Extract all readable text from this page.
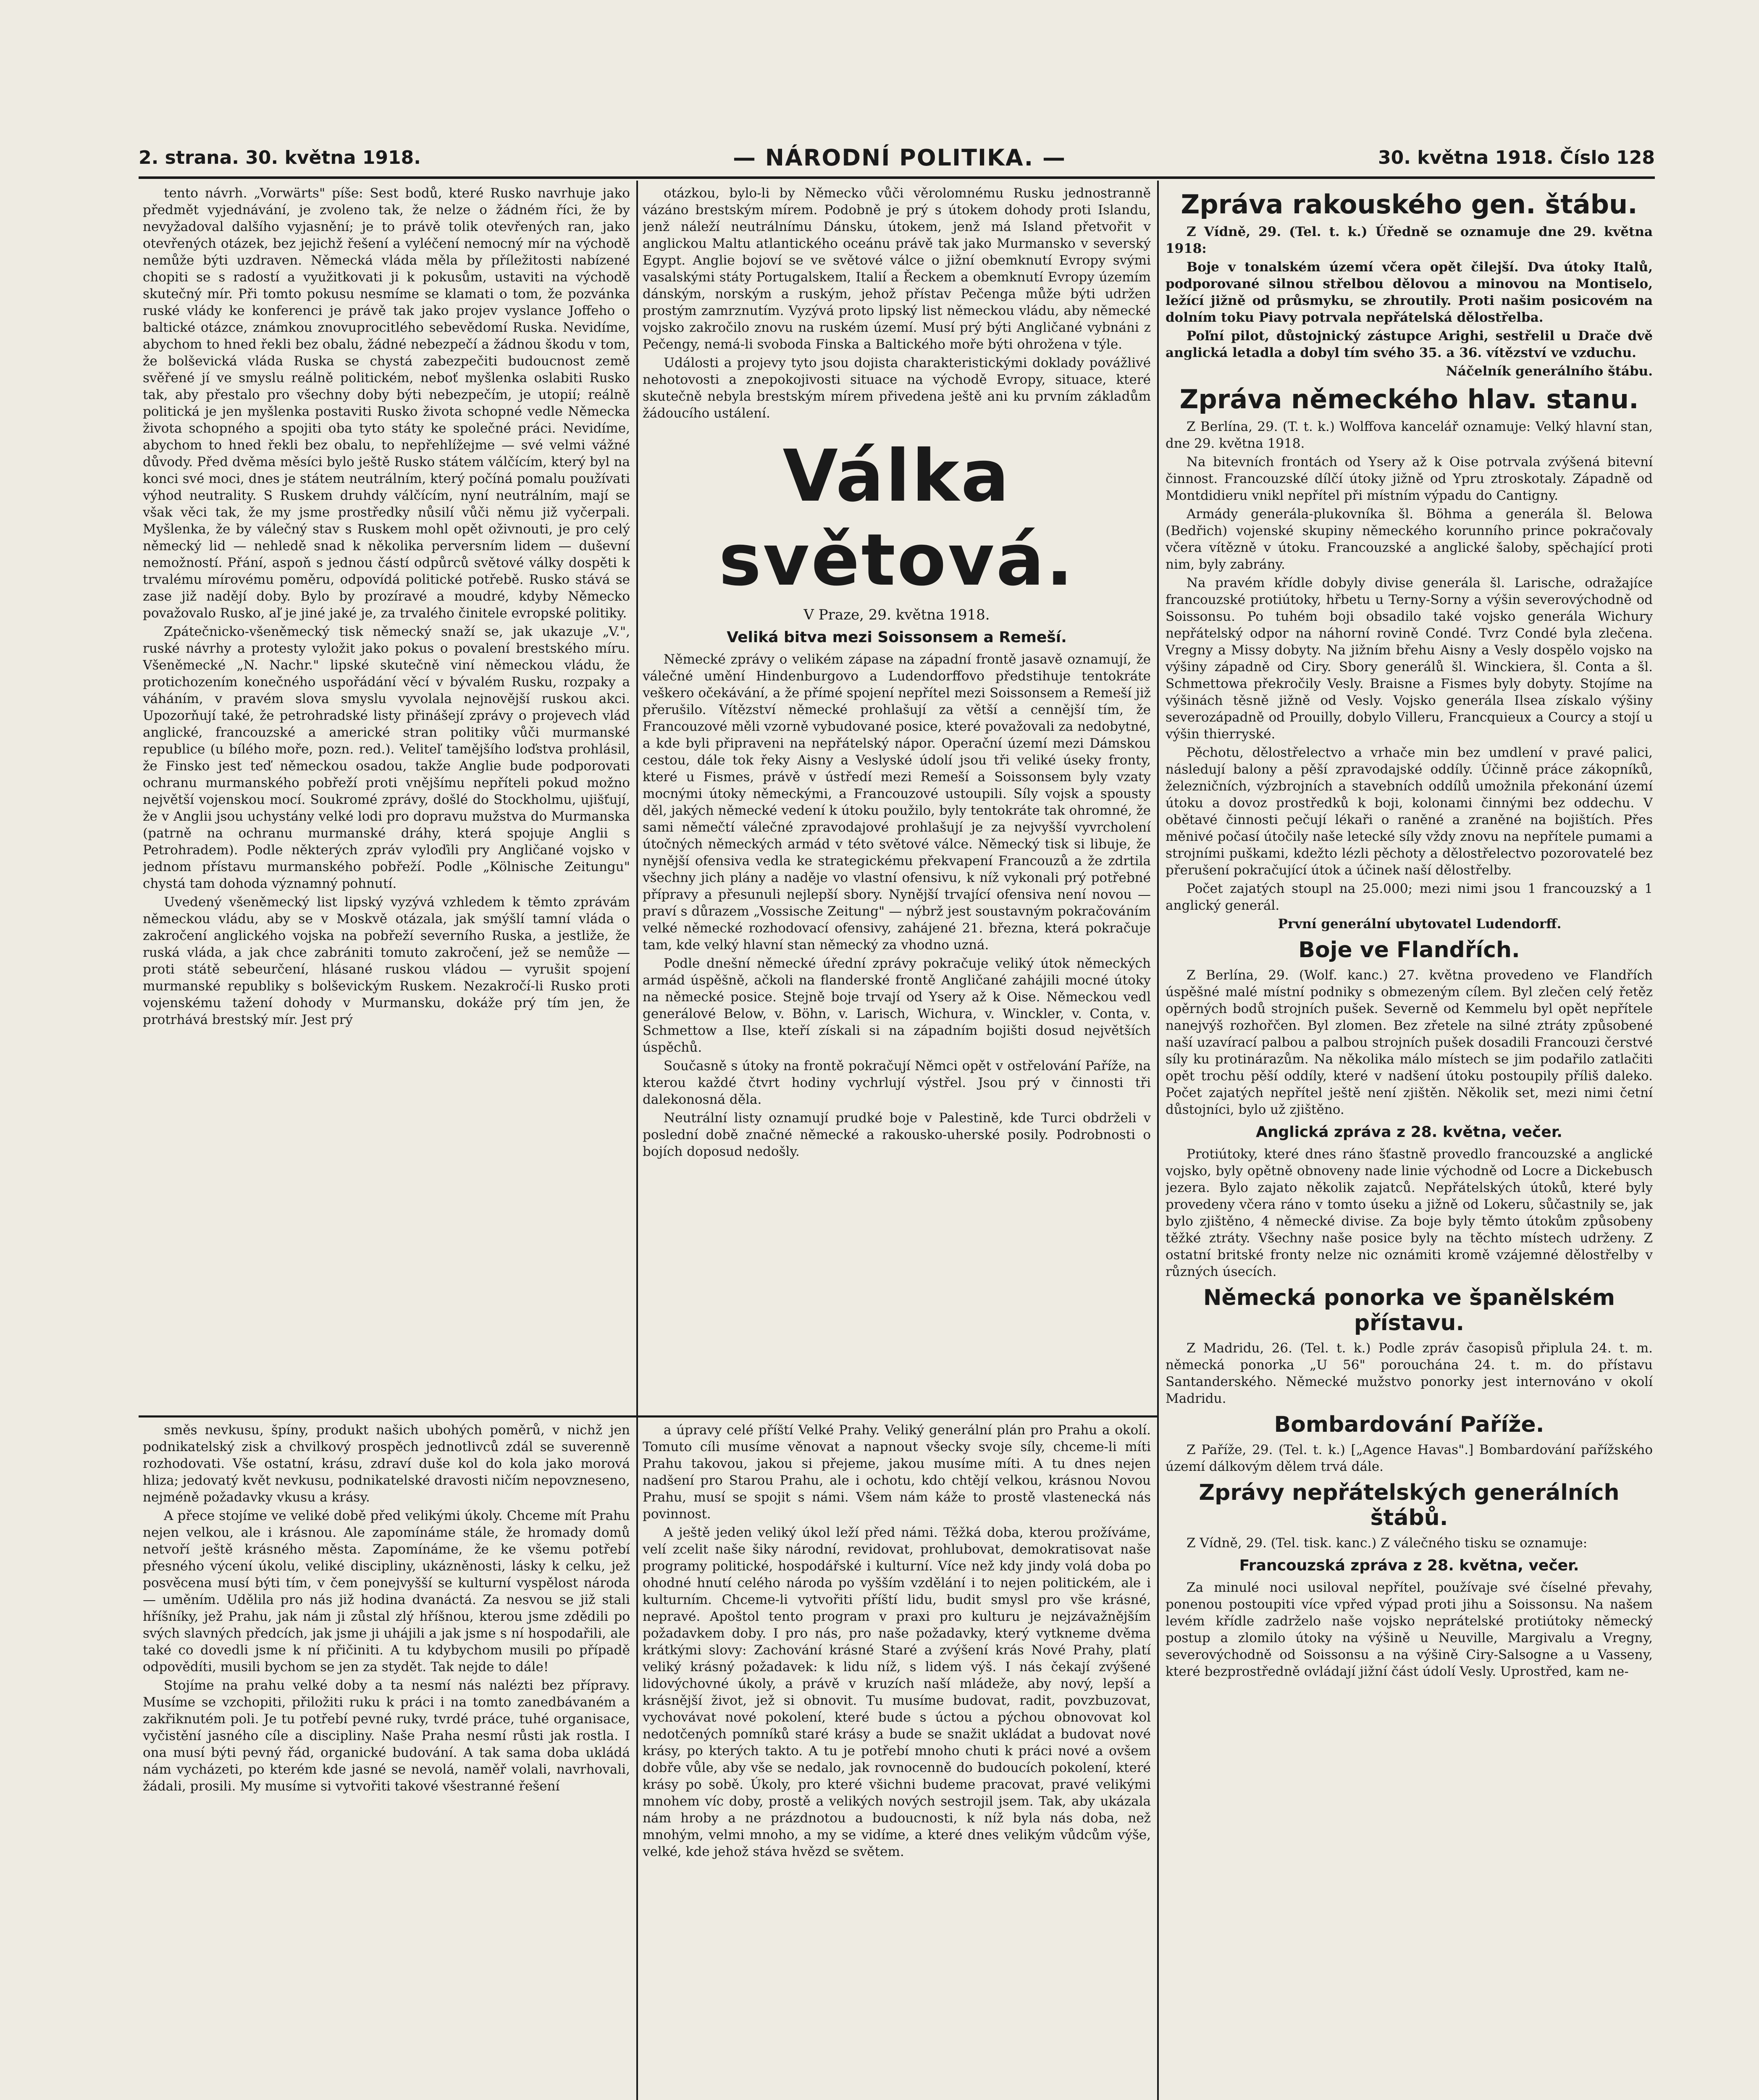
2. strana. 30. května 1918.	— NÁRODNÍ POLITIKA. —	30. května 1918. Číslo 128

tento návrh. „Vorwärts" píše: Sest bodů, které Rusko navrhuje jako předmět vyjednávání, je zvoleno tak, že nelze o žádném říci, že by nevyžadoval dalšího vyjasnění; je to právě tolik otevřených ran, jako otevřených otázek, bez jejichž řešení a vyléčení nemocný mír na východě nemůže býti uzdraven. Německá vláda měla by příležitosti nabízené chopiti se s radostí a využitkovati ji k pokusům, ustaviti na východě skutečný mír. Při tomto pokusu nesmíme se klamati o tom, že pozvánka ruské vlády ke konferenci je právě tak jako projev vyslance Joffeho o baltické otázce, známkou znovuprocitlého sebevědomí Ruska. Nevidíme, abychom to hned řekli bez obalu, žádné nebezpečí a žádnou škodu v tom, že bolševická vláda Ruska se chystá zabezpečiti budoucnost země svěřené jí ve smyslu reálně politickém, neboť myšlenka oslabiti Rusko tak, aby přestalo pro všechny doby býti nebezpečím, je utopií; reálně politická je jen myšlenka postaviti Rusko života schopné vedle Německa života schopného a spojiti oba tyto státy ke společné práci. Nevidíme, abychom to hned řekli bez obalu, to nepřehlížejme — své velmi vážné důvody. Před dvěma měsíci bylo ještě Rusko státem válčícím, který byl na konci své moci, dnes je státem neutrálním, který počíná pomalu používati výhod neutrality. S Ruskem druhdy válčícím, nyní neutrálním, mají se však věci tak, že my jsme prostředky nůsilí vůči němu již vyčerpali. Myšlenka, že by válečný stav s Ruskem mohl opět oživnouti, je pro celý německý lid — nehledě snad k několika perversním lidem — duševní nemožností. Přání, aspoň s jednou částí odpůrců světové války dospěti k trvalému mírovému poměru, odpovídá politické potřebě. Rusko stává se zase již nadějí doby. Bylo by prozíravé a moudré, kdyby Německo považovalo Rusko, aľ je jiné jaké je, za trvalého činitele evropské politiky.

Zpátečnicko-všeněmecký tisk německý snaží se, jak ukazuje „V.", ruské návrhy a protesty vyložit jako pokus o povalení brestského míru. Všeněmecké „N. Nachr." lipské skutečně viní německou vládu, že protichozením konečného uspořádání věcí v bývalém Rusku, rozpaky a váháním, v pravém slova smyslu vyvolala nejnovější ruskou akci. Upozorňují také, že petrohradské listy přinášejí zprávy o projevech vlád anglické, francouzské a americké stran politiky vůči murmanské republice (u bílého moře, pozn. red.). Veliteľ tamějšího loďstva prohlásil, že Finsko jest teď německou osadou, takže Anglie bude podporovati ochranu murmanského pobřeží proti vnějšímu nepříteli pokud možno největší vojenskou mocí. Soukromé zprávy, došlé do Stockholmu, ujišťují, že v Anglii jsou uchystány velké lodi pro dopravu mužstva do Murmanska (patrně na ochranu murmanské dráhy, která spojuje Anglii s Petrohradem). Podle některých zpráv vyloďili pry Angličané vojsko v jednom přístavu murmanského pobřeží. Podle „Kölnische Zeitungu" chystá tam dohoda významný pohnutí.

Uvedený všeněmecký list lipský vyzývá vzhledem k těmto zprávám německou vládu, aby se v Moskvě otázala, jak smýšlí tamní vláda o zakročení anglického vojska na pobřeží severního Ruska, a jestliže, že ruská vláda, a jak chce zabrániti tomuto zakročení, jež se nemůže — proti státě sebeurčení, hlásané ruskou vládou — vyrušit spojení murmanské republiky s bolševickým Ruskem. Nezakročí-li Rusko proti vojenskému tažení dohody v Murmansku, dokáže prý tím jen, že protrhává brestský mír. Jest prý

otázkou, bylo-li by Německo vůči věrolomnému Rusku jednostranně vázáno brestským mírem. Podobně je prý s útokem dohody proti Islandu, jenž náleží neutrálnímu Dánsku, útokem, jenž má Island přetvořit v anglickou Maltu atlantického oceánu právě tak jako Murmansko v severský Egypt. Anglie bojoví se ve světové válce o jižní obemknutí Evropy svými vasalskými státy Portugalskem, Italií a Řeckem a obemknutí Evropy územím dánským, norským a ruským, jehož přístav Pečenga může býti udržen prostým zamrznutím. Vyzývá proto lipský list německou vládu, aby německé vojsko zakročilo znovu na ruském území. Musí prý býti Angličané vybnáni z Pečengy, nemá-li svoboda Finska a Baltického moře býti ohrožena v týle.

Události a projevy tyto jsou dojista charakteristickými doklady povážlivé nehotovosti a znepokojivosti situace na východě Evropy, situace, které skutečně nebyla brestským mírem přivedena ještě ani ku prvním základům žádoucího ustálení.

Válka světová.
V Praze, 29. května 1918.
Veliká bitva mezi Soissonsem a Remeší.

Německé zprávy o velikém zápase na západní frontě jasavě oznamují, že válečné umění Hindenburgovo a Ludendorffovo předstihuje tentokráte veškero očekávání, a že přímé spojení nepřítel mezi Soissonsem a Remeší již přerušilo. Vítězství německé prohlašují za větší a cennější tím, že Francouzové měli vzorně vybudované posice, které považovali za nedobytné, a kde byli připraveni na nepřátelský nápor. Operační území mezi Dámskou cestou, dále tok řeky Aisny a Veslyské údolí jsou tři veliké úseky fronty, které u Fismes, právě v ústředí mezi Remeší a Soissonsem byly vzaty mocnými útoky německými, a Francouzové ustoupili. Síly vojsk a spousty děl, jakých německé vedení k útoku použilo, byly tentokráte tak ohromné, že sami němečtí válečné zpravodajové prohlašují je za nejvyšší vyvrcholení útočných německých armád v této světové válce. Německý tisk si libuje, že nynější ofensiva vedla ke strategickému překvapení Francouzů a že zdrtila všechny jich plány a naděje vo vlastní ofensivu, k níž vykonali prý potřebné přípravy a přesunuli nejlepší sbory. Nynější trvající ofensiva není novou — praví s důrazem „Vossische Zeitung" — nýbrž jest soustavným pokračováním velké německé rozhodovací ofensivy, zahájené 21. března, která pokračuje tam, kde velký hlavní stan německý za vhodno uzná.

Podle dnešní německé úřední zprávy pokračuje veliký útok německých armád úspěšně, ačkoli na flanderské frontě Angličané zahájili mocné útoky na německé posice. Stejně boje trvají od Ysery až k Oise. Německou vedl generálové Below, v. Böhn, v. Larisch, Wichura, v. Winckler, v. Conta, v. Schmettow a Ilse, kteří získali si na západním bojišti dosud největších úspěchů.

Současně s útoky na frontě pokračují Němci opět v ostřelování Paříže, na kterou každé čtvrt hodiny vychrlují výstřel. Jsou prý v činnosti tři dalekonosná děla.

Neutrální listy oznamují prudké boje v Palestině, kde Turci obdrželi v poslední době značné německé a rakousko-uherské posily. Podrobnosti o bojích doposud nedošly.

směs nevkusu, špíny, produkt našich ubohých poměrů, v nichž jen podnikatelský zisk a chvilkový prospěch jednotlivců zdál se suverenně rozhodovati. Vše ostatní, krásu, zdraví duše kol do kola jako morová hliza; jedovatý květ nevkusu, podnikatelské dravosti ničím nepovzneseno, nejméně požadavky vkusu a krásy.

A přece stojíme ve veliké době před velikými úkoly. Chceme mít Prahu nejen velkou, ale i krásnou. Ale zapomínáme stále, že hromady domů netvoří ještě krásného města. Zapomínáme, že ke všemu potřebí přesného výcení úkolu, veliké discipliny, ukázněnosti, lásky k celku, jež posvěcena musí býti tím, v čem ponejvyšší se kulturní vyspělost národa — uměním. Udělila pro nás již hodina dvanáctá. Za nesvou se již stali hříšníky, jež Prahu, jak nám ji zůstal zlý hříšnou, kterou jsme zdědili po svých slavných předcích, jak jsme ji uhájili a jak jsme s ní hospodařili, ale také co dovedli jsme k ní přičiniti. A tu kdybychom musili po případě odpovědíti, musili bychom se jen za stydět. Tak nejde to dále!

Stojíme na prahu velké doby a ta nesmí nás nalézti bez přípravy. Musíme se vzchopiti, přiložiti ruku k práci i na tomto zanedbávaném a zakřiknutém poli. Je tu potřebí pevné ruky, tvrdé práce, tuhé organisace, vyčistění jasného cíle a discipliny. Naše Praha nesmí růsti jak rostla. I ona musí býti pevný řád, organické budování. A tak sama doba ukládá nám vycházeti, po kterém kde jasné se nevolá, naměř volali, navrhovali, žádali, prosili. My musíme si vytvořiti takové všestranné řešení

a úpravy celé příští Velké Prahy. Veliký generální plán pro Prahu a okolí. Tomuto cíli musíme věnovat a napnout všecky svoje síly, chceme-li míti Prahu takovou, jakou si přejeme, jakou musíme míti. A tu dnes nejen nadšení pro Starou Prahu, ale i ochotu, kdo chtějí velkou, krásnou Novou Prahu, musí se spojit s námi. Všem nám káže to prostě vlastenecká nás povinnost.

A ještě jeden veliký úkol leží před námi. Těžká doba, kterou prožíváme, velí zcelit naše šiky národní, revidovat, prohlubovat, demokratisovat naše programy politické, hospodářské i kulturní. Více než kdy jindy volá doba po ohodné hnutí celého národa po vyšším vzdělání i to nejen politickém, ale i kulturním. Chceme-li vytvořiti příští lidu, budit smysl pro vše krásné, nepravé. Apoštol tento program v praxi pro kulturu je nejzávažnějším požadavkem doby. I pro nás, pro naše požadavky, který vytkneme dvěma krátkými slovy: Zachování krásné Staré a zvýšení krás Nové Prahy, platí veliký krásný požadavek: k lidu níž, s lidem výš. I nás čekají zvýšené lidovýchovné úkoly, a právě v kruzích naší mládeže, aby nový, lepší a krásnější život, jež si obnovit. Tu musíme budovat, radit, povzbuzovat, vychovávat nové pokolení, které bude s úctou a pýchou obnovovat kol nedotčených pomníků staré krásy a bude se snažit ukládat a budovat nové krásy, po kterých takto. A tu je potřebí mnoho chuti k práci nové a ovšem dobře vůle, aby vše se nedalo, jak rovnocenně do budoucích pokolení, které krásy po sobě. Úkoly, pro které všichni budeme pracovat, pravé velikými mnohem víc doby, prostě a velikých nových sestrojil jsem. Tak, aby ukázala nám hroby a ne prázdnotou a budoucnosti, k níž byla nás doba, než mnohým, velmi mnoho, a my se vidíme, a které dnes velikým vůdcům výše, velké, kde jehož stáva hvězd se světem.

Zpráva rakouského gen. štábu.

Z Vídně, 29. (Tel. t. k.) Úředně se oznamuje dne 29. května 1918:

Boje v tonalském území včera opět čilejší. Dva útoky Italů, podporované silnou střelbou dělovou a minovou na Montiselo, ležící jižně od průsmyku, se zhroutily. Proti našim posicovém na dolním toku Piavy potrvala nepřátelská dělostřelba.

Poľní pilot, důstojnický zástupce Arighi, sestřelil u Drače dvě anglická letadla a dobyl tím svého 35. a 36. vítězství ve vzduchu.

Náčelník generálního štábu.

Zpráva německého hlav. stanu.

Z Berlína, 29. (T. t. k.) Wolffova kancelář oznamuje: Velký hlavní stan, dne 29. května 1918.

Na bitevních frontách od Ysery až k Oise potrvala zvýšená bitevní činnost. Francouzské dílčí útoky jižně od Ypru ztroskotaly. Západně od Montdidieru vnikl nepřítel při místním výpadu do Cantigny.

Armády generála-plukovníka šl. Böhma a generála šl. Belowa (Bedřich) vojenské skupiny německého korunního prince pokračovaly včera vítězně v útoku. Francouzské a anglické šaloby, spěchající proti nim, byly zabrány.

Na pravém křídle dobyly divise generála šl. Larische, odražajíce francouzské protiútoky, hřbetu u Terny-Sorny a výšin severovýchodně od Soissonsu. Po tuhém boji obsadilo také vojsko generála Wichury nepřátelský odpor na náhorní rovině Condé. Tvrz Condé byla zlečena. Vregny a Missy dobyty. Na jižním břehu Aisny a Vesly dospělo vojsko na výšiny západně od Ciry. Sbory generálů šl. Winckiera, šl. Conta a šl. Schmettowa překročily Vesly. Braisne a Fismes byly dobyty. Stojíme na výšinách těsně jižně od Vesly. Vojsko generála Ilsea získalo výšiny severozápadně od Prouilly, dobylo Villeru, Francquieux a Courcy a stojí u výšin thierryské.

Pěchotu, dělostřelectvo a vrhače min bez umdlení v pravé palici, následují balony a pěší zpravodajské oddíly. Účinně práce zákopníků, železničních, výzbrojních a stavebních oddílů umožnila překonání území útoku a dovoz prostředků k boji, kolonami činnými bez oddechu. V obětavé činnosti pečují lékaři o raněné a zraněné na bojištích. Přes měnivé počasí útočily naše letecké síly vždy znovu na nepřítele pumami a strojními puškami, kdežto lézli pěchoty a dělostřelectvo pozorovatelé bez přerušení pokračující útok a účinek naší dělostřelby.

Počet zajatých stoupl na 25.000; mezi nimi jsou 1 francouzský a 1 anglický generál.

První generální ubytovatel Ludendorff.

Boje ve Flandřích.

Z Berlína, 29. (Wolf. kanc.) 27. května provedeno ve Flandřích úspěšné malé místní podniky s obmezeným cílem. Byl zlečen celý řetěz opěrných bodů strojních pušek. Severně od Kemmelu byl opět nepřítele nanejvýš rozhořčen. Byl zlomen. Bez zřetele na silné ztráty způsobené naší uzavírací palbou a palbou strojních pušek dosadili Francouzi čerstvé síly ku protinárazům. Na několika málo místech se jim podařilo zatlačiti opět trochu pěší oddíly, které v nadšení útoku postoupily příliš daleko. Počet zajatých nepřítel ještě není zjištěn. Několik set, mezi nimi četní důstojníci, bylo už zjištěno.

Anglická zpráva z 28. května, večer.

Protiútoky, které dnes ráno šťastně provedlo francouzské a anglické vojsko, byly opětně obnoveny nade linie východně od Locre a Dickebusch jezera. Bylo zajato několik zajatců. Nepřátelských útoků, které byly provedeny včera ráno v tomto úseku a jižně od Lokeru, sůčastnily se, jak bylo zjištěno, 4 německé divise. Za boje byly těmto útokům způsobeny těžké ztráty. Všechny naše posice byly na těchto místech udrženy. Z ostatní britské fronty nelze nic oznámiti kromě vzájemné dělostřelby v různých úsecích.

Německá ponorka ve španělském přístavu.

Z Madridu, 26. (Tel. t. k.) Podle zpráv časopisů připlula 24. t. m. německá ponorka „U 56" porouchána 24. t. m. do přístavu Santanderského. Německé mužstvo ponorky jest internováno v okolí Madridu.

Bombardování Paříže.

Z Paříže, 29. (Tel. t. k.) [„Agence Havas".] Bombardování pařížského území dálkovým dělem trvá dále.

Zprávy nepřátelských generálních štábů.

Z Vídně, 29. (Tel. tisk. kanc.) Z válečného tisku se oznamuje:

Francouzská zpráva z 28. května, večer.

Za minulé noci usiloval nepřítel, používaje své číselné převahy, ponenou postoupiti více vpřed výpad proti jihu a Soissonsu. Na našem levém křídle zadrželo naše vojsko neprátelské protiútoky německý postup a zlomilo útoky na výšině u Neuville, Margivalu a Vregny, severovýchodně od Soissonsu a na výšině Ciry-Salsogne a u Vasseny, které bezprostředně ovládají jižní část údolí Vesly. Uprostřed, kam ne-
